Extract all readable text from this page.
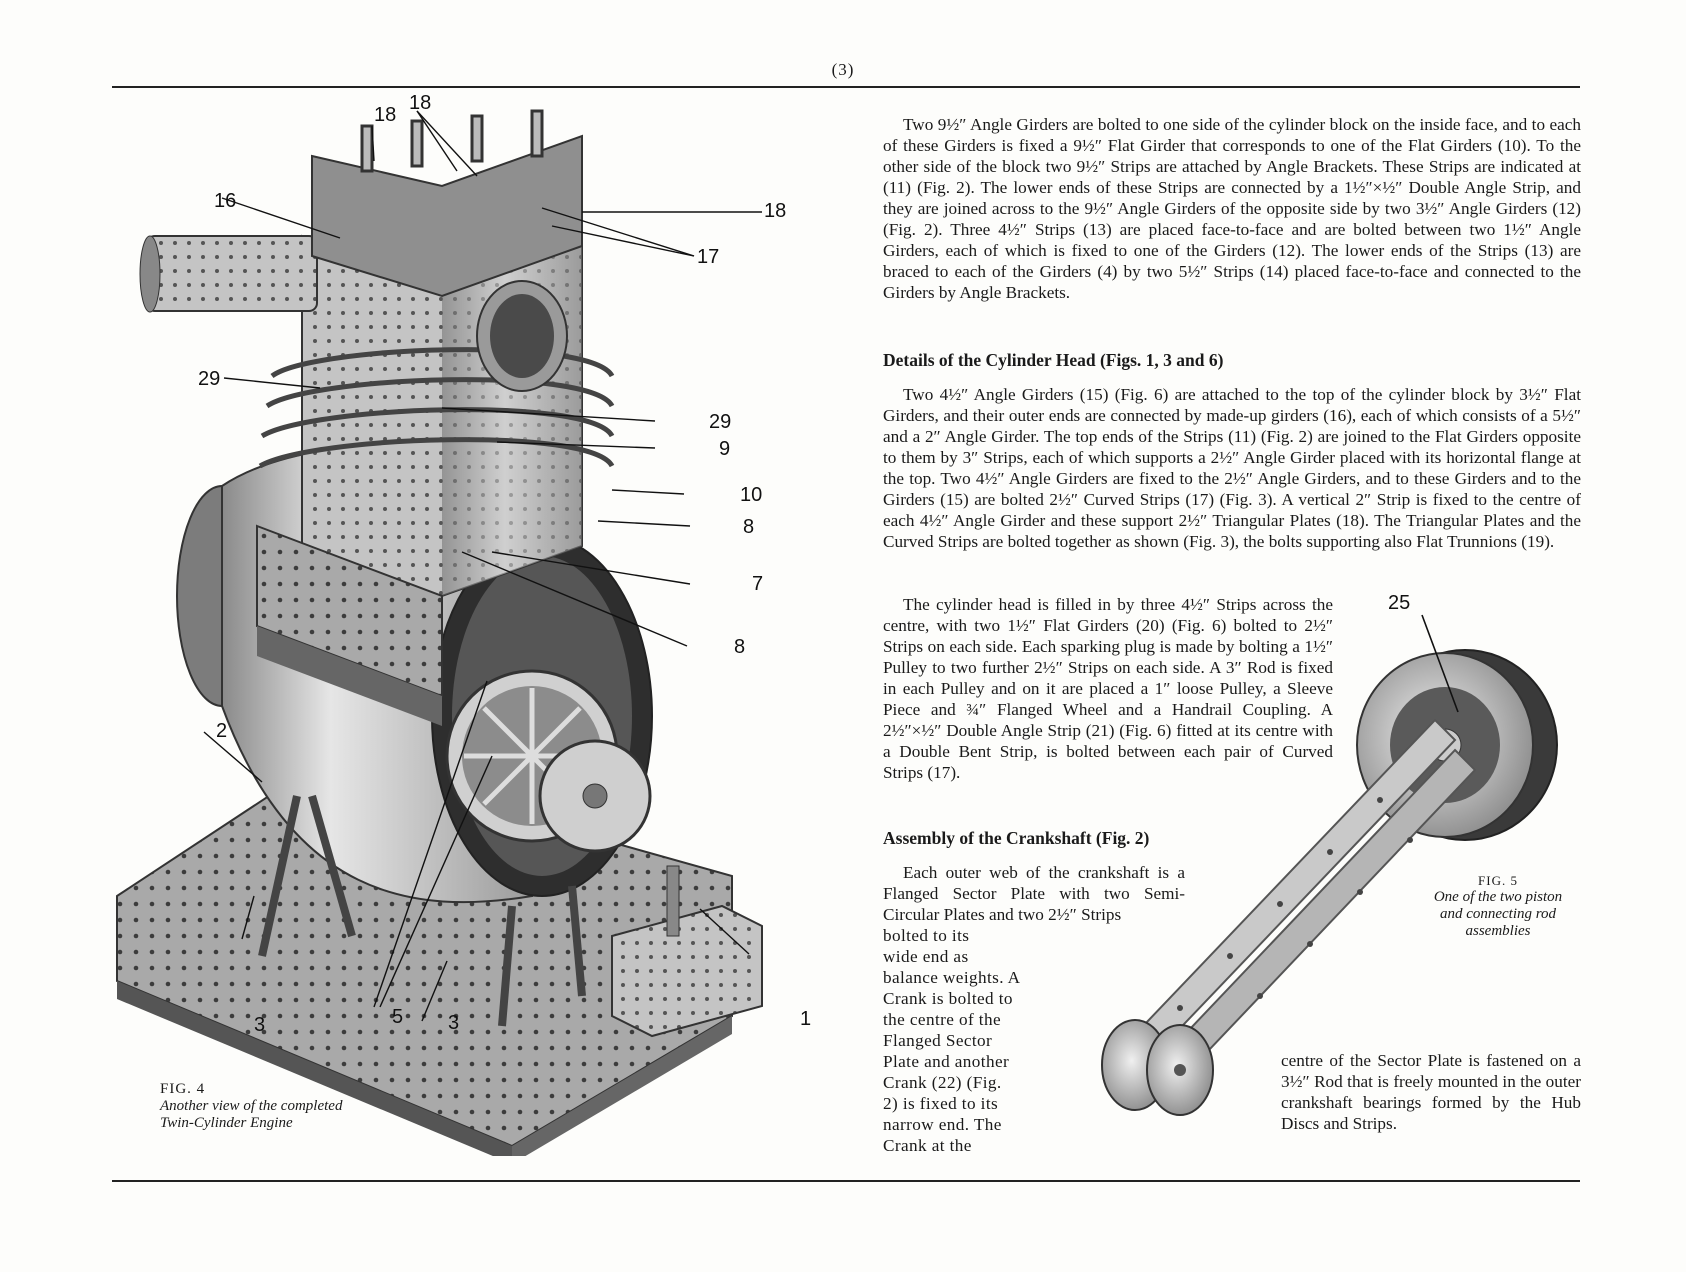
(3)
18
18
16	18
17
29
29
9
10
8
7
8
2
3	5 3	1
FIG. 4
Another view of the completed
Twin-Cylinder Engine

Two 9½″ Angle Girders are bolted to one side of the cylinder block on the inside face, and to each of these Girders is fixed a 9½″ Flat Girder that corresponds to one of the Flat Girders (10). To the other side of the block two 9½″ Strips are attached by Angle Brackets. These Strips are indicated at (11) (Fig. 2). The lower ends of these Strips are connected by a 1½″×½″ Double Angle Strip, and they are joined across to the 9½″ Angle Girders of the opposite side by two 3½″ Angle Girders (12) (Fig. 2). Three 4½″ Strips (13) are placed face-to-face and are bolted between two 1½″ Angle Girders, each of which is fixed to one of the Girders (12). The lower ends of the Strips (13) are braced to each of the Girders (4) by two 5½″ Strips (14) placed face-to-face and connected to the Girders by Angle Brackets.

Details of the Cylinder Head (Figs. 1, 3 and 6)

Two 4½″ Angle Girders (15) (Fig. 6) are attached to the top of the cylinder block by 3½″ Flat Girders, and their outer ends are connected by made-up girders (16), each of which consists of a 5½″ and a 2″ Angle Girder. The top ends of the Strips (11) (Fig. 2) are joined to the Flat Girders opposite to them by 3″ Strips, each of which supports a 2½″ Angle Girder placed with its horizontal flange at the top. Two 4½″ Angle Girders are fixed to the 2½″ Angle Girders, and to these Girders and to the Girders (15) are bolted 2½″ Curved Strips (17) (Fig. 3). A vertical 2″ Strip is fixed to the centre of each 4½″ Angle Girder and these support 2½″ Triangular Plates (18). The Triangular Plates and the Curved Strips are bolted together as shown (Fig. 3), the bolts supporting also Flat Trunnions (19).

The cylinder head is filled in by three 4½″ Strips across the centre, with two 1½″ Flat Girders (20) (Fig. 6) bolted to 2½″ Strips on each side. Each sparking plug is made by bolting a 1½″ Pulley to two further 2½″ Strips on each side. A 3″ Rod is fixed in each Pulley and on it are placed a 1″ loose Pulley, a Sleeve Piece and ¾″ Flanged Wheel and a Handrail Coupling. A 2½″×½″ Double Angle Strip (21) (Fig. 6) fitted at its centre with a Double Bent Strip, is bolted between each pair of Curved Strips (17).

Assembly of the Crankshaft (Fig. 2)

Each outer web of the crankshaft is a Flanged Sector Plate with two Semi-Circular Plates and two 2½″ Strips

bolted to its
wide end as
balance weights. A
Crank is bolted to
the centre of the
Flanged Sector
Plate and another
Crank (22) (Fig.
2) is fixed to its
narrow end. The
Crank at the

centre of the Sector Plate is fastened on a 3½″ Rod that is freely mounted in the outer crankshaft bearings formed by the Hub Discs and Strips.

25
FIG. 5
One of the two piston
and connecting rod
assemblies
